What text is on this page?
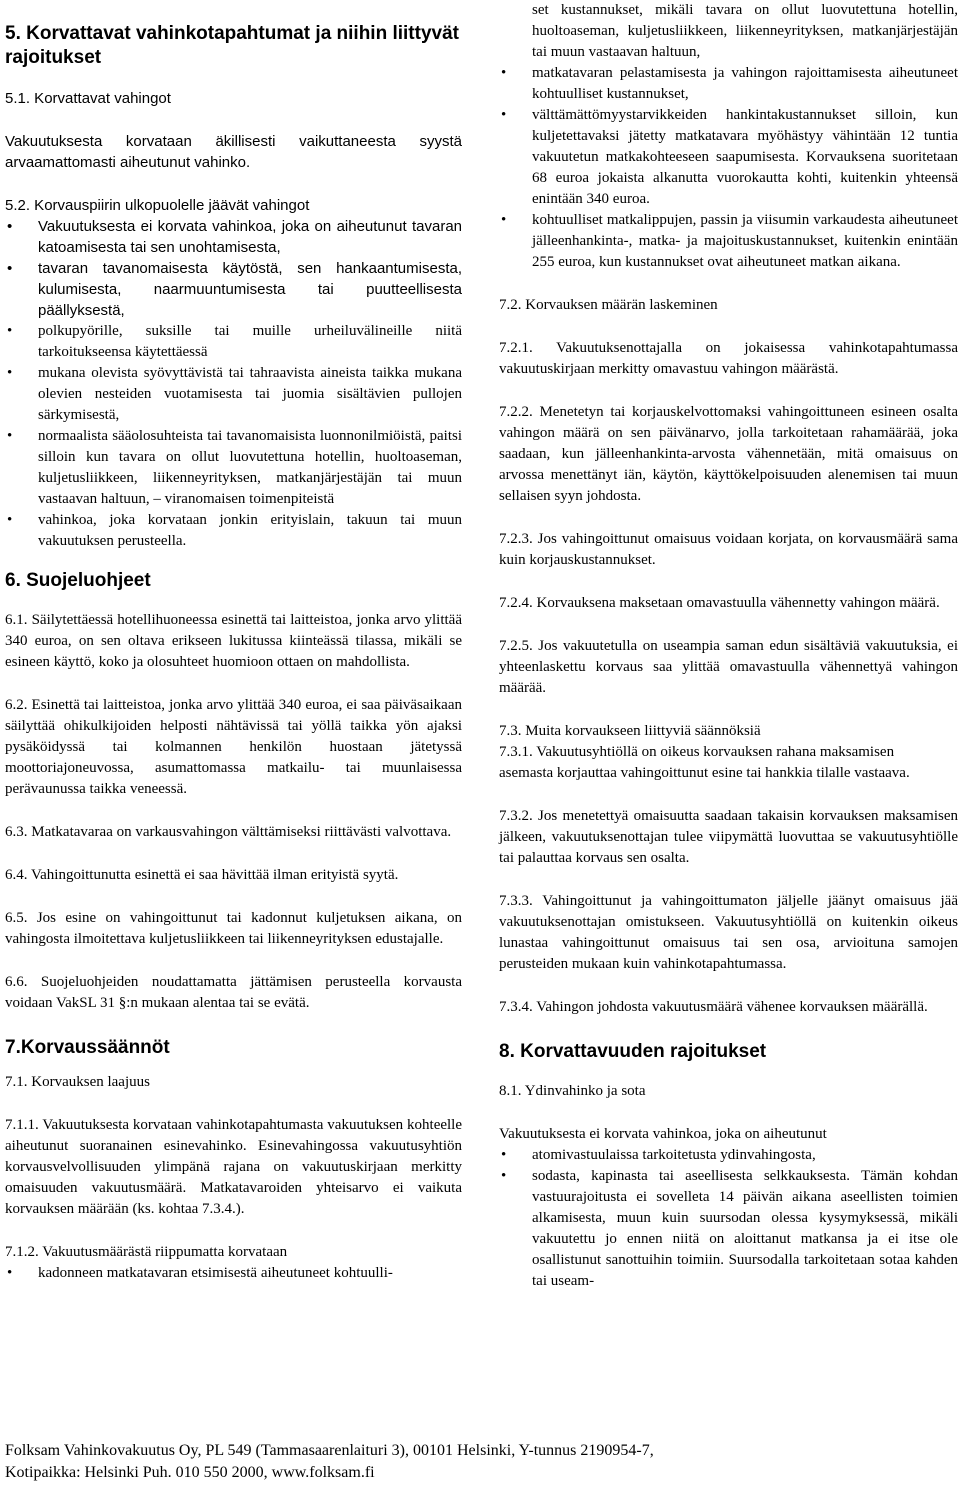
5. Korvattavat vahinkotapahtumat ja niihin liittyvät rajoitukset
5.1. Korvattavat vahingot

Vakuutuksesta korvataan äkillisesti vaikuttaneesta syystä arvaamattomasti aiheutunut vahinko.

5.2. Korvauspiirin ulkopuolelle jäävät vahingot
• Vakuutuksesta ei korvata vahinkoa, joka on aiheutunut tavaran katoamisesta tai sen unohtamisesta,
• tavaran tavanomaisesta käytöstä, sen hankaantumisesta, kulumisesta, naarmuuntumisesta tai puutteellisesta päällyksestä,
• polkupyörille, suksille tai muille urheiluvälineille niitä tarkoitukseensa käytettäessä
• mukana olevista syövyttävistä tai tahraavista aineista taikka mukana olevien nesteiden vuotamisesta tai juomia sisältävien pullojen särkymisestä,
• normaalista sääolosuhteista tai tavanomaisista luonnonilmiöistä, paitsi silloin kun tavara on ollut luovutettuna hotellin, huoltoaseman, kuljetusliikkeen, liikenneyrityksen, matkanjärjestäjän tai muun vastaavan haltuun, – viranomaisen toimenpiteistä
• vahinkoa, joka korvataan jonkin erityislain, takuun tai muun vakuutuksen perusteella.
6. Suojeluohjeet

6.1. Säilytettäessä hotellihuoneessa esinettä tai laitteistoa, jonka arvo ylittää 340 euroa, on sen oltava erikseen lukitussa kiinteässä tilassa, mikäli se esineen käyttö, koko ja olosuhteet huomioon ottaen on mahdollista.

6.2. Esinettä tai laitteistoa, jonka arvo ylittää 340 euroa, ei saa päiväsaikaan säilyttää ohikulkijoiden helposti nähtävissä tai yöllä taikka yön ajaksi pysäköidyssä tai kolmannen henkilön huostaan jätetyssä moottoriajoneuvossa, asumattomassa matkailu- tai muunlaisessa perävaunussa taikka veneessä.

6.3. Matkatavaraa on varkausvahingon välttämiseksi riittävästi valvottava.

6.4. Vahingoittunutta esinettä ei saa hävittää ilman erityistä syytä.

6.5. Jos esine on vahingoittunut tai kadonnut kuljetuksen aikana, on vahingosta ilmoitettava kuljetusliikkeen tai liikenneyrityksen edustajalle.

6.6. Suojeluohjeiden noudattamatta jättämisen perusteella korvausta voidaan VakSL 31 §:n mukaan alentaa tai se evätä.

7.Korvaussäännöt
7.1. Korvauksen laajuus

7.1.1. Vakuutuksesta korvataan vahinkotapahtumasta vakuutuksen kohteelle aiheutunut suoranainen esinevahinko. Esinevahingossa vakuutusyhtiön korvausvelvollisuuden ylimpänä rajana on vakuutuskirjaan merkitty omaisuuden vakuutusmäärä. Matkatavaroiden yhteisarvo ei vaikuta korvauksen määrään (ks. kohtaa 7.3.4.).

7.1.2. Vakuutusmäärästä riippumatta korvataan

• kadonneen matkatavaran etsimisestä aiheutuneet kohtuulli-

set kustannukset, mikäli tavara on ollut luovutettuna hotellin, huoltoaseman, kuljetusliikkeen, liikenneyrityksen, matkanjärjestäjän tai muun vastaavan haltuun,

• matkatavaran pelastamisesta ja vahingon rajoittamisesta aiheutuneet kohtuulliset kustannukset,
• välttämättömyystarvikkeiden hankintakustannukset silloin, kun kuljetettavaksi jätetty matkatavara myöhästyy vähintään 12 tuntia vakuutetun matkakohteeseen saapumisesta. Korvauksena suoritetaan 68 euroa jokaista alkanutta vuorokautta kohti, kuitenkin yhteensä enintään 340 euroa.
• kohtuulliset matkalippujen, passin ja viisumin varkaudesta aiheutuneet jälleenhankinta-, matka- ja majoituskustannukset, kuitenkin enintään 255 euroa, kun kustannukset ovat aiheutuneet matkan aikana.
7.2. Korvauksen määrän laskeminen

7.2.1. Vakuutuksenottajalla on jokaisessa vahinkotapahtumassa vakuutuskirjaan merkitty omavastuu vahingon määrästä.

7.2.2. Menetetyn tai korjauskelvottomaksi vahingoittuneen esineen osalta vahingon määrä on sen päivänarvo, jolla tarkoitetaan rahamäärää, joka saadaan, kun jälleenhankinta-arvosta vähennetään, mitä omaisuus on arvossa menettänyt iän, käytön, käyttökelpoisuuden alenemisen tai muun sellaisen syyn johdosta.

7.2.3. Jos vahingoittunut omaisuus voidaan korjata, on korvausmäärä sama kuin korjauskustannukset.

7.2.4. Korvauksena maksetaan omavastuulla vähennetty vahingon määrä.

7.2.5. Jos vakuutetulla on useampia saman edun sisältäviä vakuutuksia, ei yhteenlaskettu korvaus saa ylittää omavastuulla vähennettyä vahingon määrää.

7.3. Muita korvaukseen liittyviä säännöksiä

7.3.1. Vakuutusyhtiöllä on oikeus korvauksen rahana maksamisen

asemasta korjauttaa vahingoittunut esine tai hankkia tilalle vastaava.

7.3.2. Jos menetettyä omaisuutta saadaan takaisin korvauksen maksamisen jälkeen, vakuutuksenottajan tulee viipymättä luovuttaa se vakuutusyhtiölle tai palauttaa korvaus sen osalta.

7.3.3. Vahingoittunut ja vahingoittumaton jäljelle jäänyt omaisuus jää vakuutuksenottajan omistukseen. Vakuutusyhtiöllä on kuitenkin oikeus lunastaa vahingoittunut omaisuus tai sen osa, arvioituna samojen perusteiden mukaan kuin vahinkotapahtumassa.

7.3.4. Vahingon johdosta vakuutusmäärä vähenee korvauksen määrällä.

8. Korvattavuuden rajoitukset
8.1. Ydinvahinko ja sota

Vakuutuksesta ei korvata vahinkoa, joka on aiheutunut

• atomivastuulaissa tarkoitetusta ydinvahingosta,
• sodasta, kapinasta tai aseellisesta selkkauksesta. Tämän kohdan vastuurajoitusta ei sovelleta 14 päivän aikana aseellisten toimien alkamisesta, muun kuin suursodan olessa kysymyksessä, mikäli vakuutettu jo ennen niitä on aloittanut matkansa ja ei itse ole osallistunut sanottuihin toimiin. Suursodalla tarkoitetaan sotaa kahden tai useam-
Folksam Vahinkovakuutus Oy, PL 549 (Tammasaarenlaituri 3), 00101 Helsinki, Y-tunnus 2190954-7,
Kotipaikka: Helsinki Puh. 010 550 2000, www.folksam.fi
